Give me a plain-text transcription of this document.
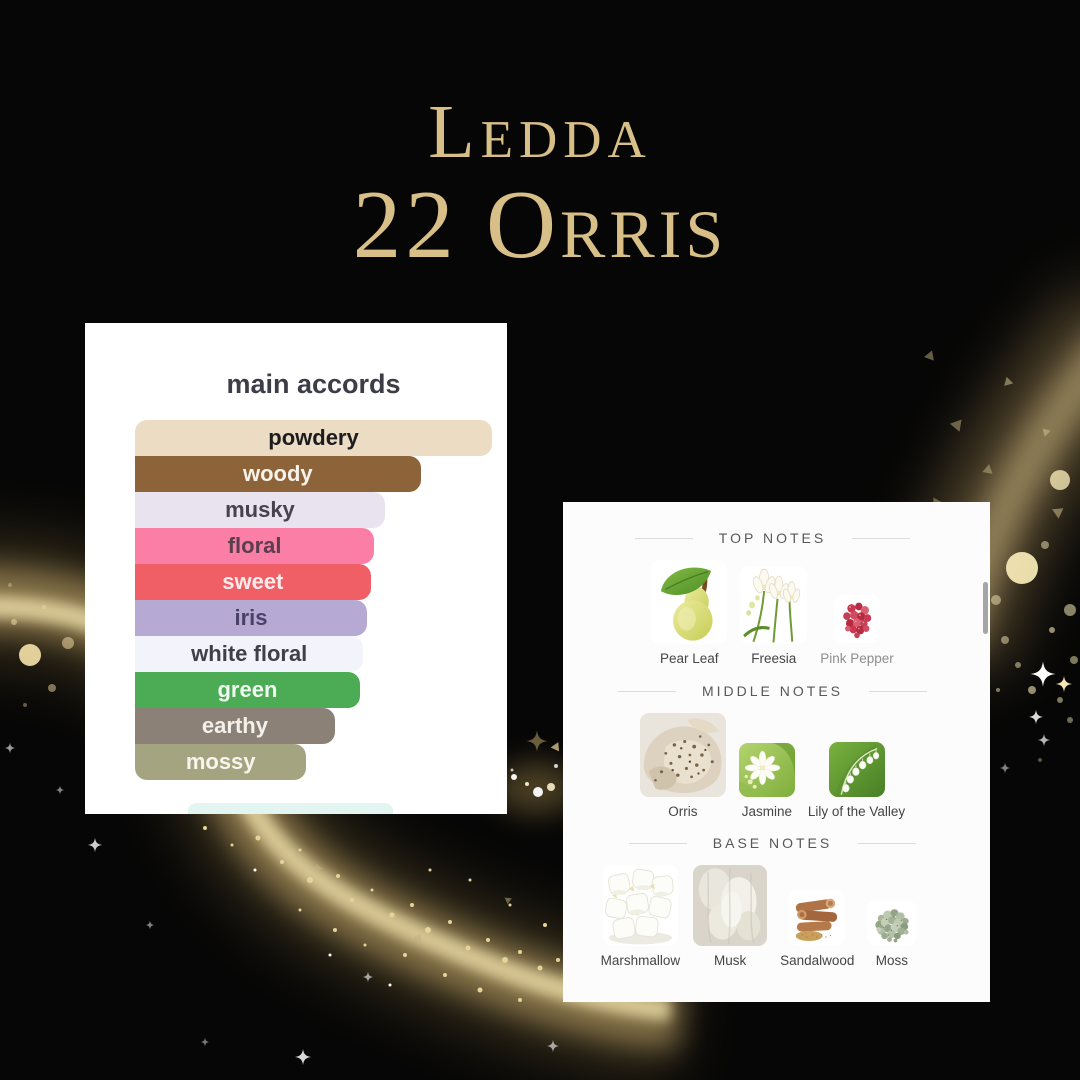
Ledda
22 Orris
main accords
powdery
woody
musky
floral
sweet
iris
white floral
green
earthy
mossy
TOP NOTES
Pear Leaf Freesia Pink Pepper
MIDDLE NOTES
Orris	Jasmine Lily of the Valley
BASE NOTES
Marshmallow	Musk	Sandalwood Moss
